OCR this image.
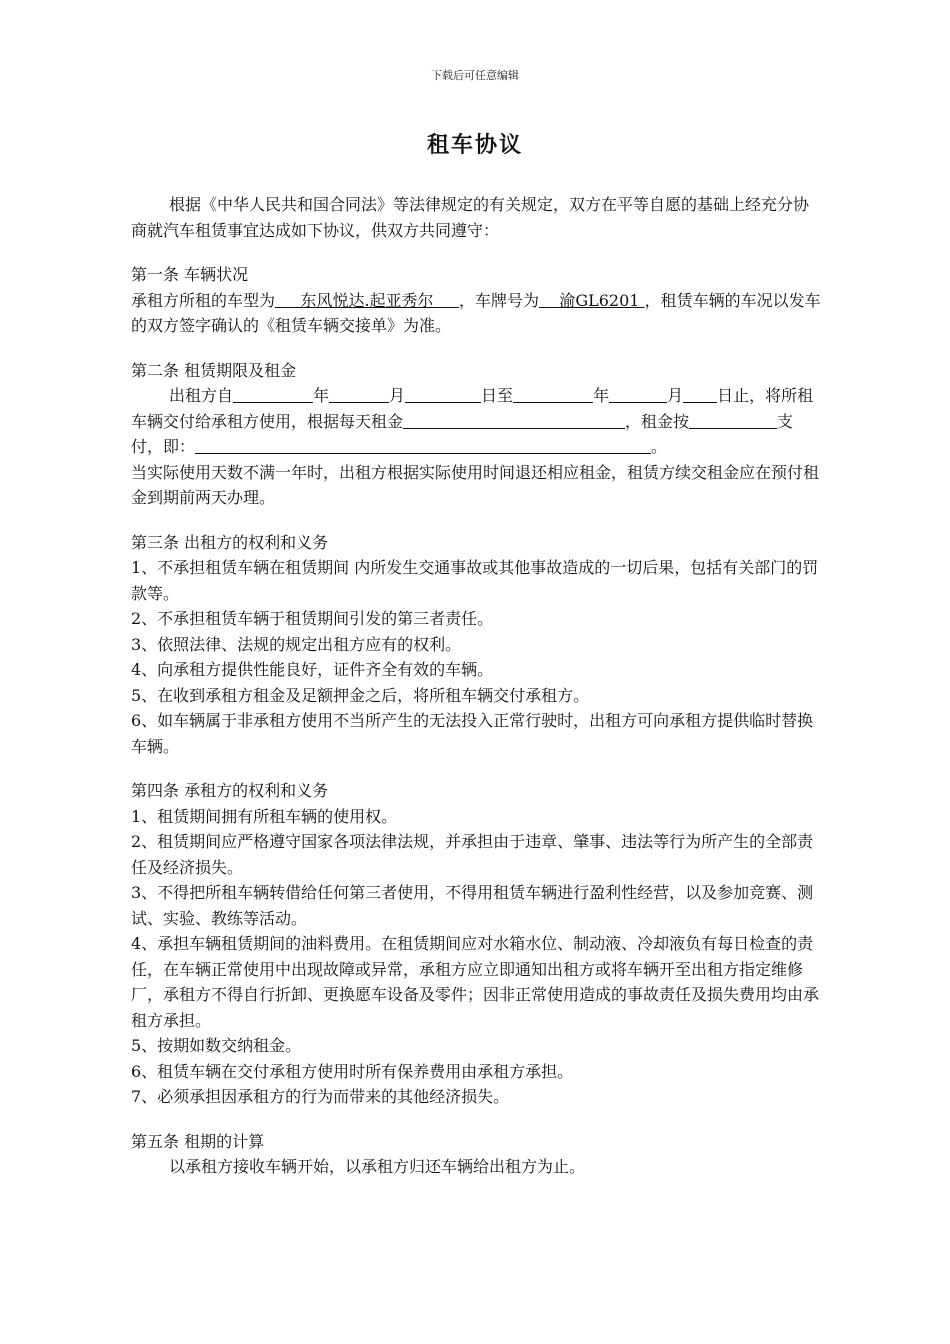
下载后可任意编辑
租车协议

根据《中华人民共和国合同法》等法律规定的有关规定，双方在平等自愿的基础上经充分协商就汽车租赁事宜达成如下协议，供双方共同遵守：

第一条 车辆状况

承租方所租的车型为 东风悦达.起亚秀尔 ，车牌号为 渝GL6201 ，租赁车辆的车况以发车的双方签字确认的《租赁车辆交接单》为准。

第二条 租赁期限及租金

出租方自	年	月	日至	年	月 日止，将所租车辆交付给承租方使用，根据每天租金	，租金按	支付，即：	。

当实际使用天数不满一年时，出租方根据实际使用时间退还相应租金，租赁方续交租金应在预付租金到期前两天办理。

第三条 出租方的权利和义务

1、不承担租赁车辆在租赁期间 内所发生交通事故或其他事故造成的一切后果，包括有关部门的罚款等。

2、不承担租赁车辆于租赁期间引发的第三者责任。

3、依照法律、法规的规定出租方应有的权利。

4、向承租方提供性能良好，证件齐全有效的车辆。

5、在收到承租方租金及足额押金之后，将所租车辆交付承租方。

6、如车辆属于非承租方使用不当所产生的无法投入正常行驶时，出租方可向承租方提供临时替换车辆。

第四条 承租方的权利和义务

1、租赁期间拥有所租车辆的使用权。

2、租赁期间应严格遵守国家各项法律法规，并承担由于违章、肇事、违法等行为所产生的全部责任及经济损失。

3、不得把所租车辆转借给任何第三者使用，不得用租赁车辆进行盈利性经营，以及参加竞赛、测试、实验、教练等活动。

4、承担车辆租赁期间的油料费用。在租赁期间应对水箱水位、制动液、冷却液负有每日检查的责任，在车辆正常使用中出现故障或异常，承租方应立即通知出租方或将车辆开至出租方指定维修厂，承租方不得自行折卸、更换愿车设备及零件；因非正常使用造成的事故责任及损失费用均由承租方承担。

5、按期如数交纳租金。

6、租赁车辆在交付承租方使用时所有保养费用由承租方承担。

7、必须承担因承租方的行为而带来的其他经济损失。

第五条 租期的计算

以承租方接收车辆开始，以承租方归还车辆给出租方为止。
